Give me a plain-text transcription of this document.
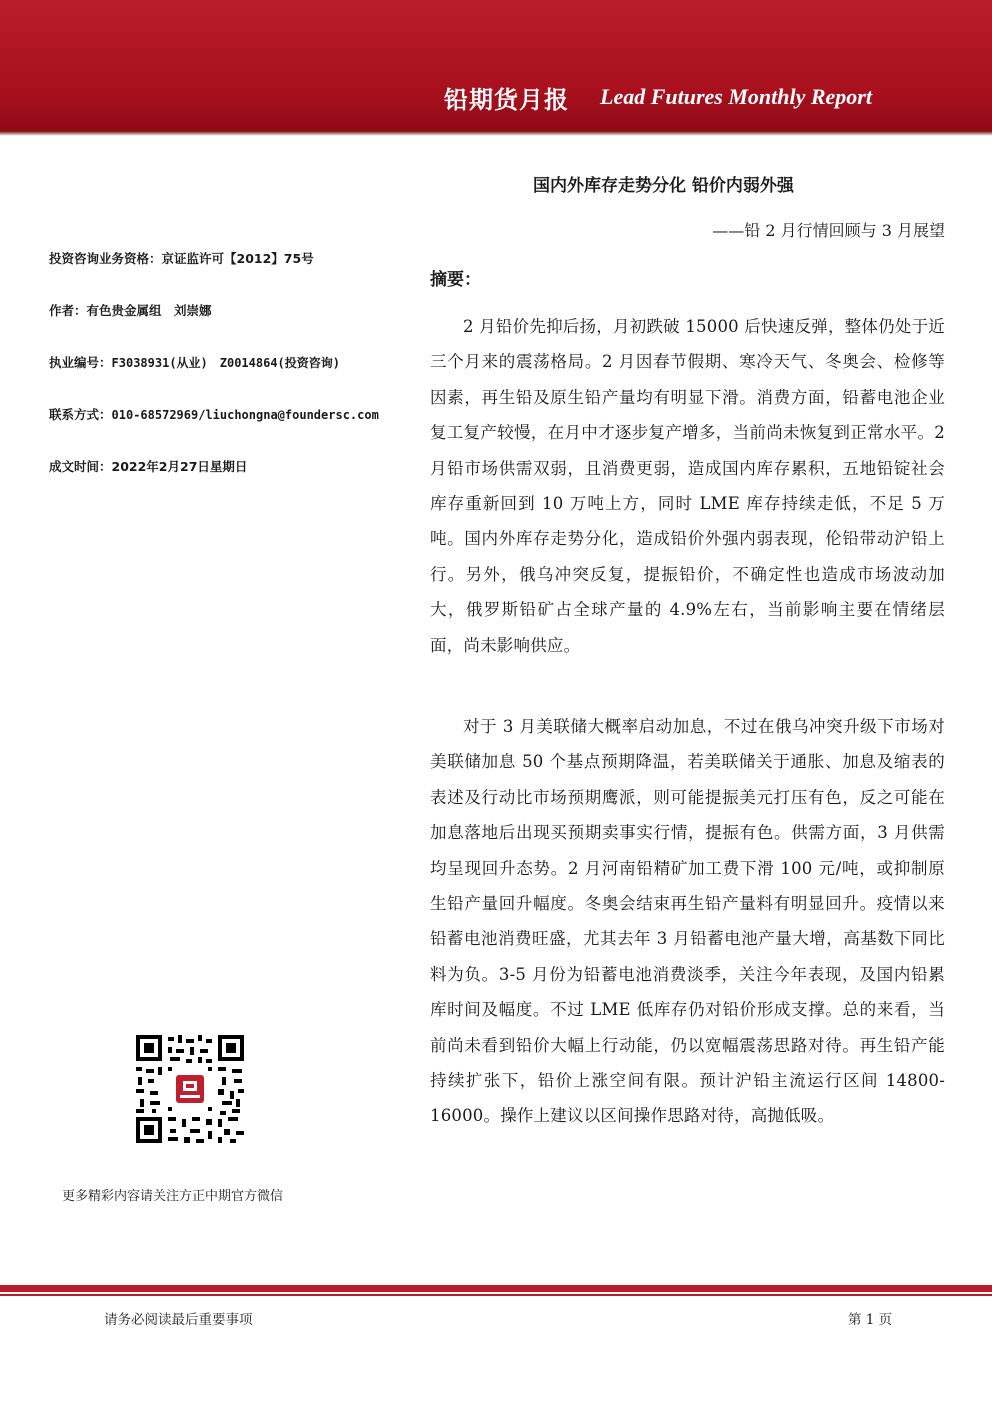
铅期货月报 Lead Futures Monthly Report
国内外库存走势分化 铅价内弱外强
——铅 2 月行情回顾与 3 月展望
投资咨询业务资格：京证监许可【2012】75号
作者：有色贵金属组　刘崇娜
执业编号：F3038931(从业)　Z0014864(投资咨询)
联系方式：010-68572969/liuchongna@foundersc.com
成文时间：2022年2月27日星期日
摘要：
2 月铅价先抑后扬，月初跌破 15000 后快速反弹，整体仍处于近三个月来的震荡格局。2 月因春节假期、寒冷天气、冬奥会、检修等因素，再生铅及原生铅产量均有明显下滑。消费方面，铅蓄电池企业复工复产较慢，在月中才逐步复产增多，当前尚未恢复到正常水平。2 月铅市场供需双弱，且消费更弱，造成国内库存累积，五地铅锭社会库存重新回到 10 万吨上方，同时 LME 库存持续走低，不足 5 万吨。国内外库存走势分化，造成铅价外强内弱表现，伦铅带动沪铅上行。另外，俄乌冲突反复，提振铅价，不确定性也造成市场波动加大，俄罗斯铅矿占全球产量的 4.9%左右，当前影响主要在情绪层面，尚未影响供应。
对于 3 月美联储大概率启动加息，不过在俄乌冲突升级下市场对美联储加息 50 个基点预期降温，若美联储关于通胀、加息及缩表的表述及行动比市场预期鹰派，则可能提振美元打压有色，反之可能在加息落地后出现买预期卖事实行情，提振有色。供需方面，3 月供需均呈现回升态势。2 月河南铅精矿加工费下滑 100 元/吨，或抑制原生铅产量回升幅度。冬奥会结束再生铅产量料有明显回升。疫情以来铅蓄电池消费旺盛，尤其去年 3 月铅蓄电池产量大增，高基数下同比料为负。3-5 月份为铅蓄电池消费淡季，关注今年表现，及国内铅累库时间及幅度。不过 LME 低库存仍对铅价形成支撑。总的来看，当前尚未看到铅价大幅上行动能，仍以宽幅震荡思路对待。再生铅产能持续扩张下，铅价上涨空间有限。预计沪铅主流运行区间 14800-16000。操作上建议以区间操作思路对待，高抛低吸。
更多精彩内容请关注方正中期官方微信
请务必阅读最后重要事项	第 1 页
